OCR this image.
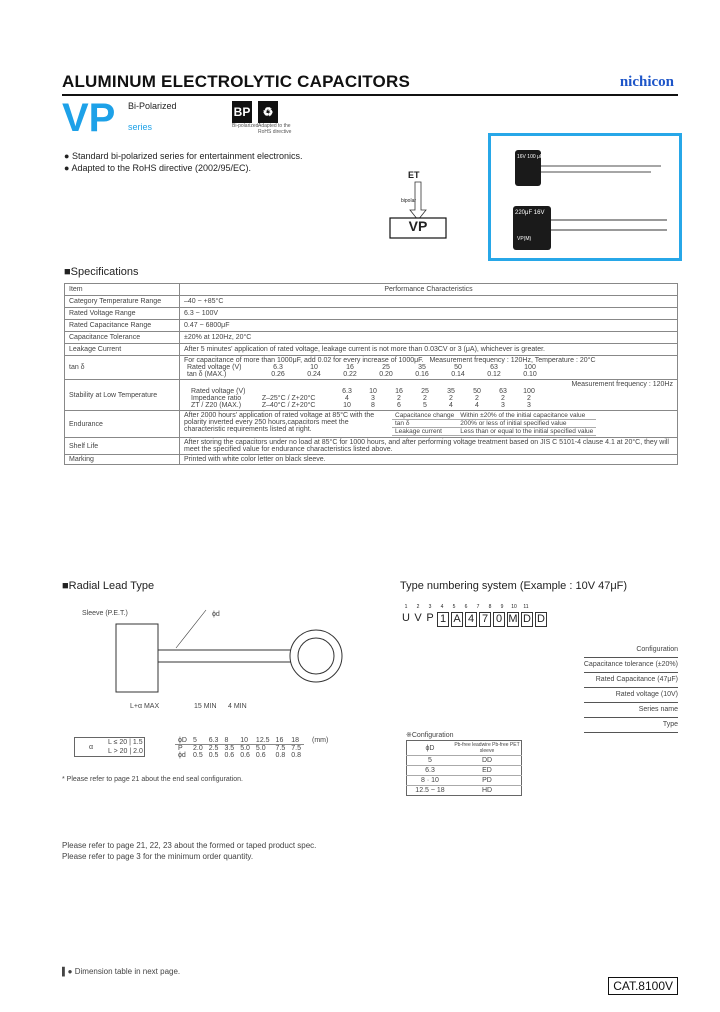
ALUMINUM ELECTROLYTIC CAPACITORS	nichicon
VP Bi-Polarized
series
BP
Bi-polarized
♻
Adapted to the RoHS directive
● Standard bi-polarized series for entertainment electronics.
● Adapted to the RoHS directive (2002/95/EC).
ET
bipolar
VP
16V 100 μF
220μF 16V
VP(M)
■Specifications
Item	Performance Characteristics
Category Temperature Range	–40 ~ +85°C
Rated Voltage Range	6.3 ~ 100V
Rated Capacitance Range	0.47 ~ 6800μF
Capacitance Tolerance	±20% at 120Hz, 20°C
Leakage Current	After 5 minutes' application of rated voltage, leakage current is not more than 0.03CV or 3 (μA), whichever is greater.
tan δ	
For capacitance of more than 1000μF, add 0.02 for every increase of 1000μF. Measurement frequency : 120Hz, Temperature : 20°C
Rated voltage (V)	6.3	10	16	25	35	50	63	100
tan δ (MAX.)	0.26	0.24	0.22	0.20	0.16	0.14	0.12	0.10

Stability at Low Temperature	
Measurement frequency : 120Hz
Rated voltage (V)	6.3	10	16	25	35	50	63	100
Impedance ratio	Z–25°C / Z+20°C	4	3	2	2	2	2	2	2
ZT / Z20 (MAX.)	Z–40°C / Z+20°C	10	8	6	5	4	4	3	3

Endurance	
After 2000 hours' application of rated voltage at 85°C with the polarity inverted every 250 hours,capacitors meet the characteristic requirements listed at right.
Capacitance change	Within ±20% of the initial capacitance value
tan δ	200% or less of initial specified value
Leakage current	Less than or equal to the initial specified value

Shelf Life	After storing the capacitors under no load at 85°C for 1000 hours, and after performing voltage treatment based on JIS C 5101-4 clause 4.1 at 20°C, they will meet the specified value for endurance characteristics listed above.
Marking	Printed with white color letter on black sleeve.
■Radial Lead Type
Sleeve (P.E.T.)	ϕd
L+α MAX	15 MIN 4 MIN
α	L ≤ 20 | 1.5
L > 20 | 2.0
(mm)
ϕD	5	6.3	8	10	12.5	16	18
P	2.0	2.5	3.5	5.0	5.0	7.5	7.5
ϕd	0.5	0.5	0.6	0.6	0.6	0.8	0.8
* Please refer to page 21 about the end seal configuration.
Type numbering system (Example : 10V 47μF)
1	2	3	4	5	6	7	8	9	10	11
U V P 1 A 4 7 0 M D D
Configuration
Capacitance tolerance (±20%)
Rated Capacitance (47μF)
Rated voltage (10V)
Series name
Type
※Configuration
ϕD	Pb-free leadwire Pb-free PET sleeve
5	DD
6.3	ED
8 · 10	PD
12.5 ~ 18	HD
Please refer to page 21, 22, 23 about the formed or taped product spec.
Please refer to page 3 for the minimum order quantity.
▌● Dimension table in next page.
CAT.8100V
